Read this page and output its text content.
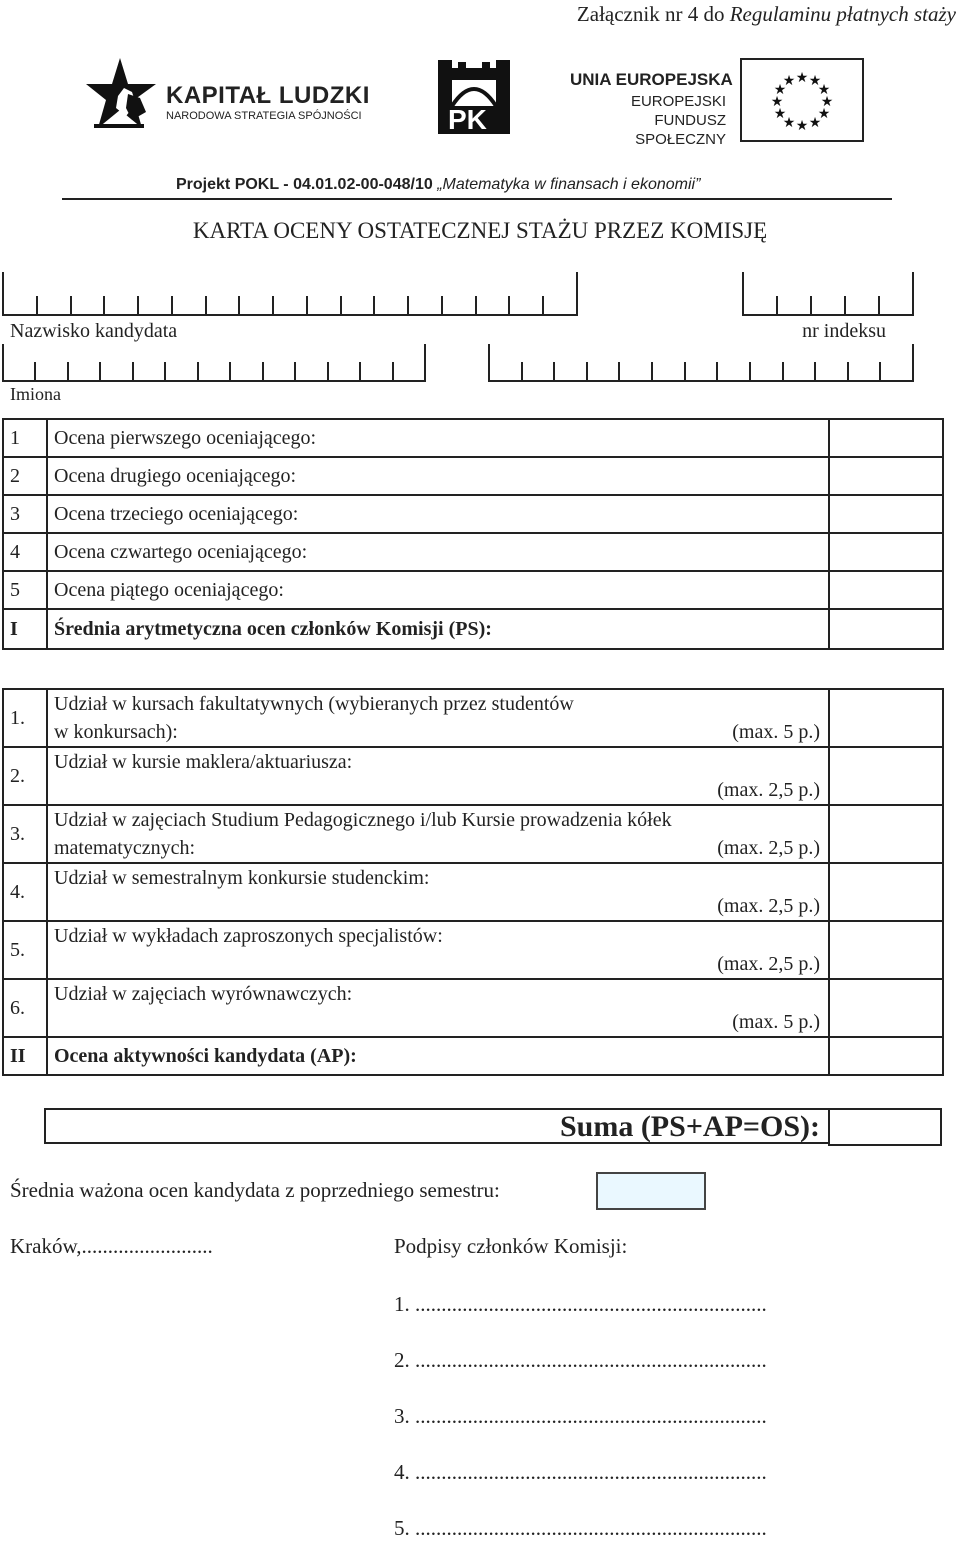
Załącznik nr 4 do Regulaminu płatnych staży
KAPITAŁ LUDZKI
NARODOWA STRATEGIA SPÓJNOŚCI	PK
UNIA EUROPEJSKA
EUROPEJSKI
FUNDUSZ SPOŁECZNY
★ ★
★
★
★
★
★
★
★
★
★
★
Projekt POKL - 04.01.02-00-048/10 „Matematyka w finansach i ekonomii”
KARTA OCENY OSTATECZNEJ STAŻU PRZEZ KOMISJĘ
Nazwisko kandydata	nr indeksu
Imiona
1	Ocena pierwszego oceniającego:	
2	Ocena drugiego oceniającego:	
3	Ocena trzeciego oceniającego:	
4	Ocena czwartego oceniającego:	
5	Ocena piątego oceniającego:	
I	Średnia arytmetyczna ocen członków Komisji (PS):	
1.	Udział w kursach fakultatywnych (wybieranych przez studentów
w konkursach): (max. 5 p.)	

2.	Udział w kursie maklera/aktuariusza:
(max. 2,5 p.)	

3.	Udział w zajęciach Studium Pedagogicznego i/lub Kursie prowadzenia kółek
matematycznych: (max. 2,5 p.)	

4.	Udział w semestralnym konkursie studenckim:
(max. 2,5 p.)	

5.	Udział w wykładach zaproszonych specjalistów:
(max. 2,5 p.)	

6.	Udział w zajęciach wyrównawczych:
(max. 5 p.)	

II	Ocena aktywności kandydata (AP):	
Suma (PS+AP=OS):
Średnia ważona ocen kandydata z poprzedniego semestru:
Kraków,.........................	Podpisy członków Komisji:
1. ...................................................................
2. ...................................................................
3. ...................................................................
4. ...................................................................
5. ...................................................................
